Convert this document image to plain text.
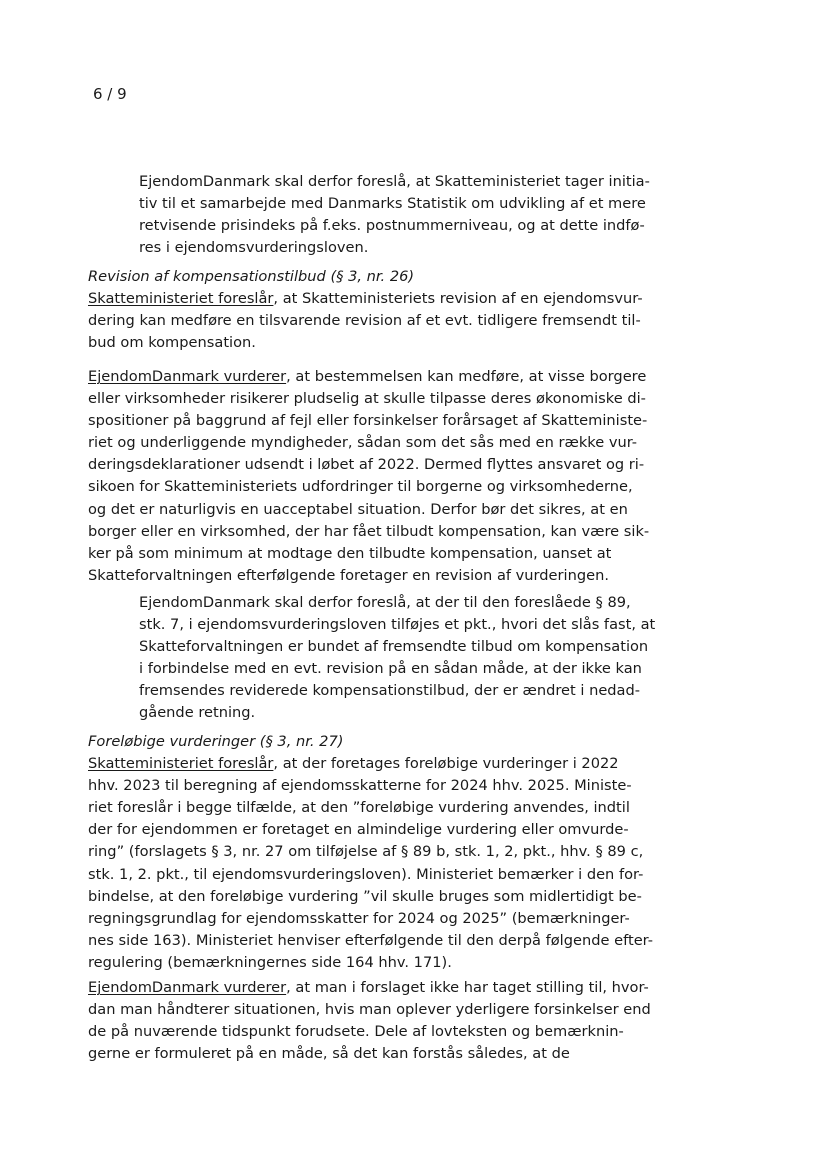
6 / 9
EjendomDanmark skal derfor foreslå, at Skatteministeriet tager initia-
tiv til et samarbejde med Danmarks Statistik om udvikling af et mere
retvisende prisindeks på f.eks. postnummerniveau, og at dette indfø-
res i ejendomsvurderingsloven.
Revision af kompensationstilbud (§ 3, nr. 26)
Skatteministeriet foreslår, at Skatteministeriets revision af en ejendomsvur-
dering kan medføre en tilsvarende revision af et evt. tidligere fremsendt til-
bud om kompensation.
EjendomDanmark vurderer, at bestemmelsen kan medføre, at visse borgere
eller virksomheder risikerer pludselig at skulle tilpasse deres økonomiske di-
spositioner på baggrund af fejl eller forsinkelser forårsaget af Skatteministe-
riet og underliggende myndigheder, sådan som det sås med en række vur-
deringsdeklarationer udsendt i løbet af 2022. Dermed flyttes ansvaret og ri-
sikoen for Skatteministeriets udfordringer til borgerne og virksomhederne,
og det er naturligvis en uacceptabel situation. Derfor bør det sikres, at en
borger eller en virksomhed, der har fået tilbudt kompensation, kan være sik-
ker på som minimum at modtage den tilbudte kompensation, uanset at
Skatteforvaltningen efterfølgende foretager en revision af vurderingen.
EjendomDanmark skal derfor foreslå, at der til den foreslåede § 89,
stk. 7, i ejendomsvurderingsloven tilføjes et pkt., hvori det slås fast, at
Skatteforvaltningen er bundet af fremsendte tilbud om kompensation
i forbindelse med en evt. revision på en sådan måde, at der ikke kan
fremsendes reviderede kompensationstilbud, der er ændret i nedad-
gående retning.
Foreløbige vurderinger (§ 3, nr. 27)
Skatteministeriet foreslår, at der foretages foreløbige vurderinger i 2022
hhv. 2023 til beregning af ejendomsskatterne for 2024 hhv. 2025. Ministe-
riet foreslår i begge tilfælde, at den ”foreløbige vurdering anvendes, indtil
der for ejendommen er foretaget en almindelige vurdering eller omvurde-
ring” (forslagets § 3, nr. 27 om tilføjelse af § 89 b, stk. 1, 2, pkt., hhv. § 89 c,
stk. 1, 2. pkt., til ejendomsvurderingsloven). Ministeriet bemærker i den for-
bindelse, at den foreløbige vurdering ”vil skulle bruges som midlertidigt be-
regningsgrundlag for ejendomsskatter for 2024 og 2025” (bemærkninger-
nes side 163). Ministeriet henviser efterfølgende til den derpå følgende efter-
regulering (bemærkningernes side 164 hhv. 171).
EjendomDanmark vurderer, at man i forslaget ikke har taget stilling til, hvor-
dan man håndterer situationen, hvis man oplever yderligere forsinkelser end
de på nuværende tidspunkt forudsete. Dele af lovteksten og bemærknin-
gerne er formuleret på en måde, så det kan forstås således, at de
